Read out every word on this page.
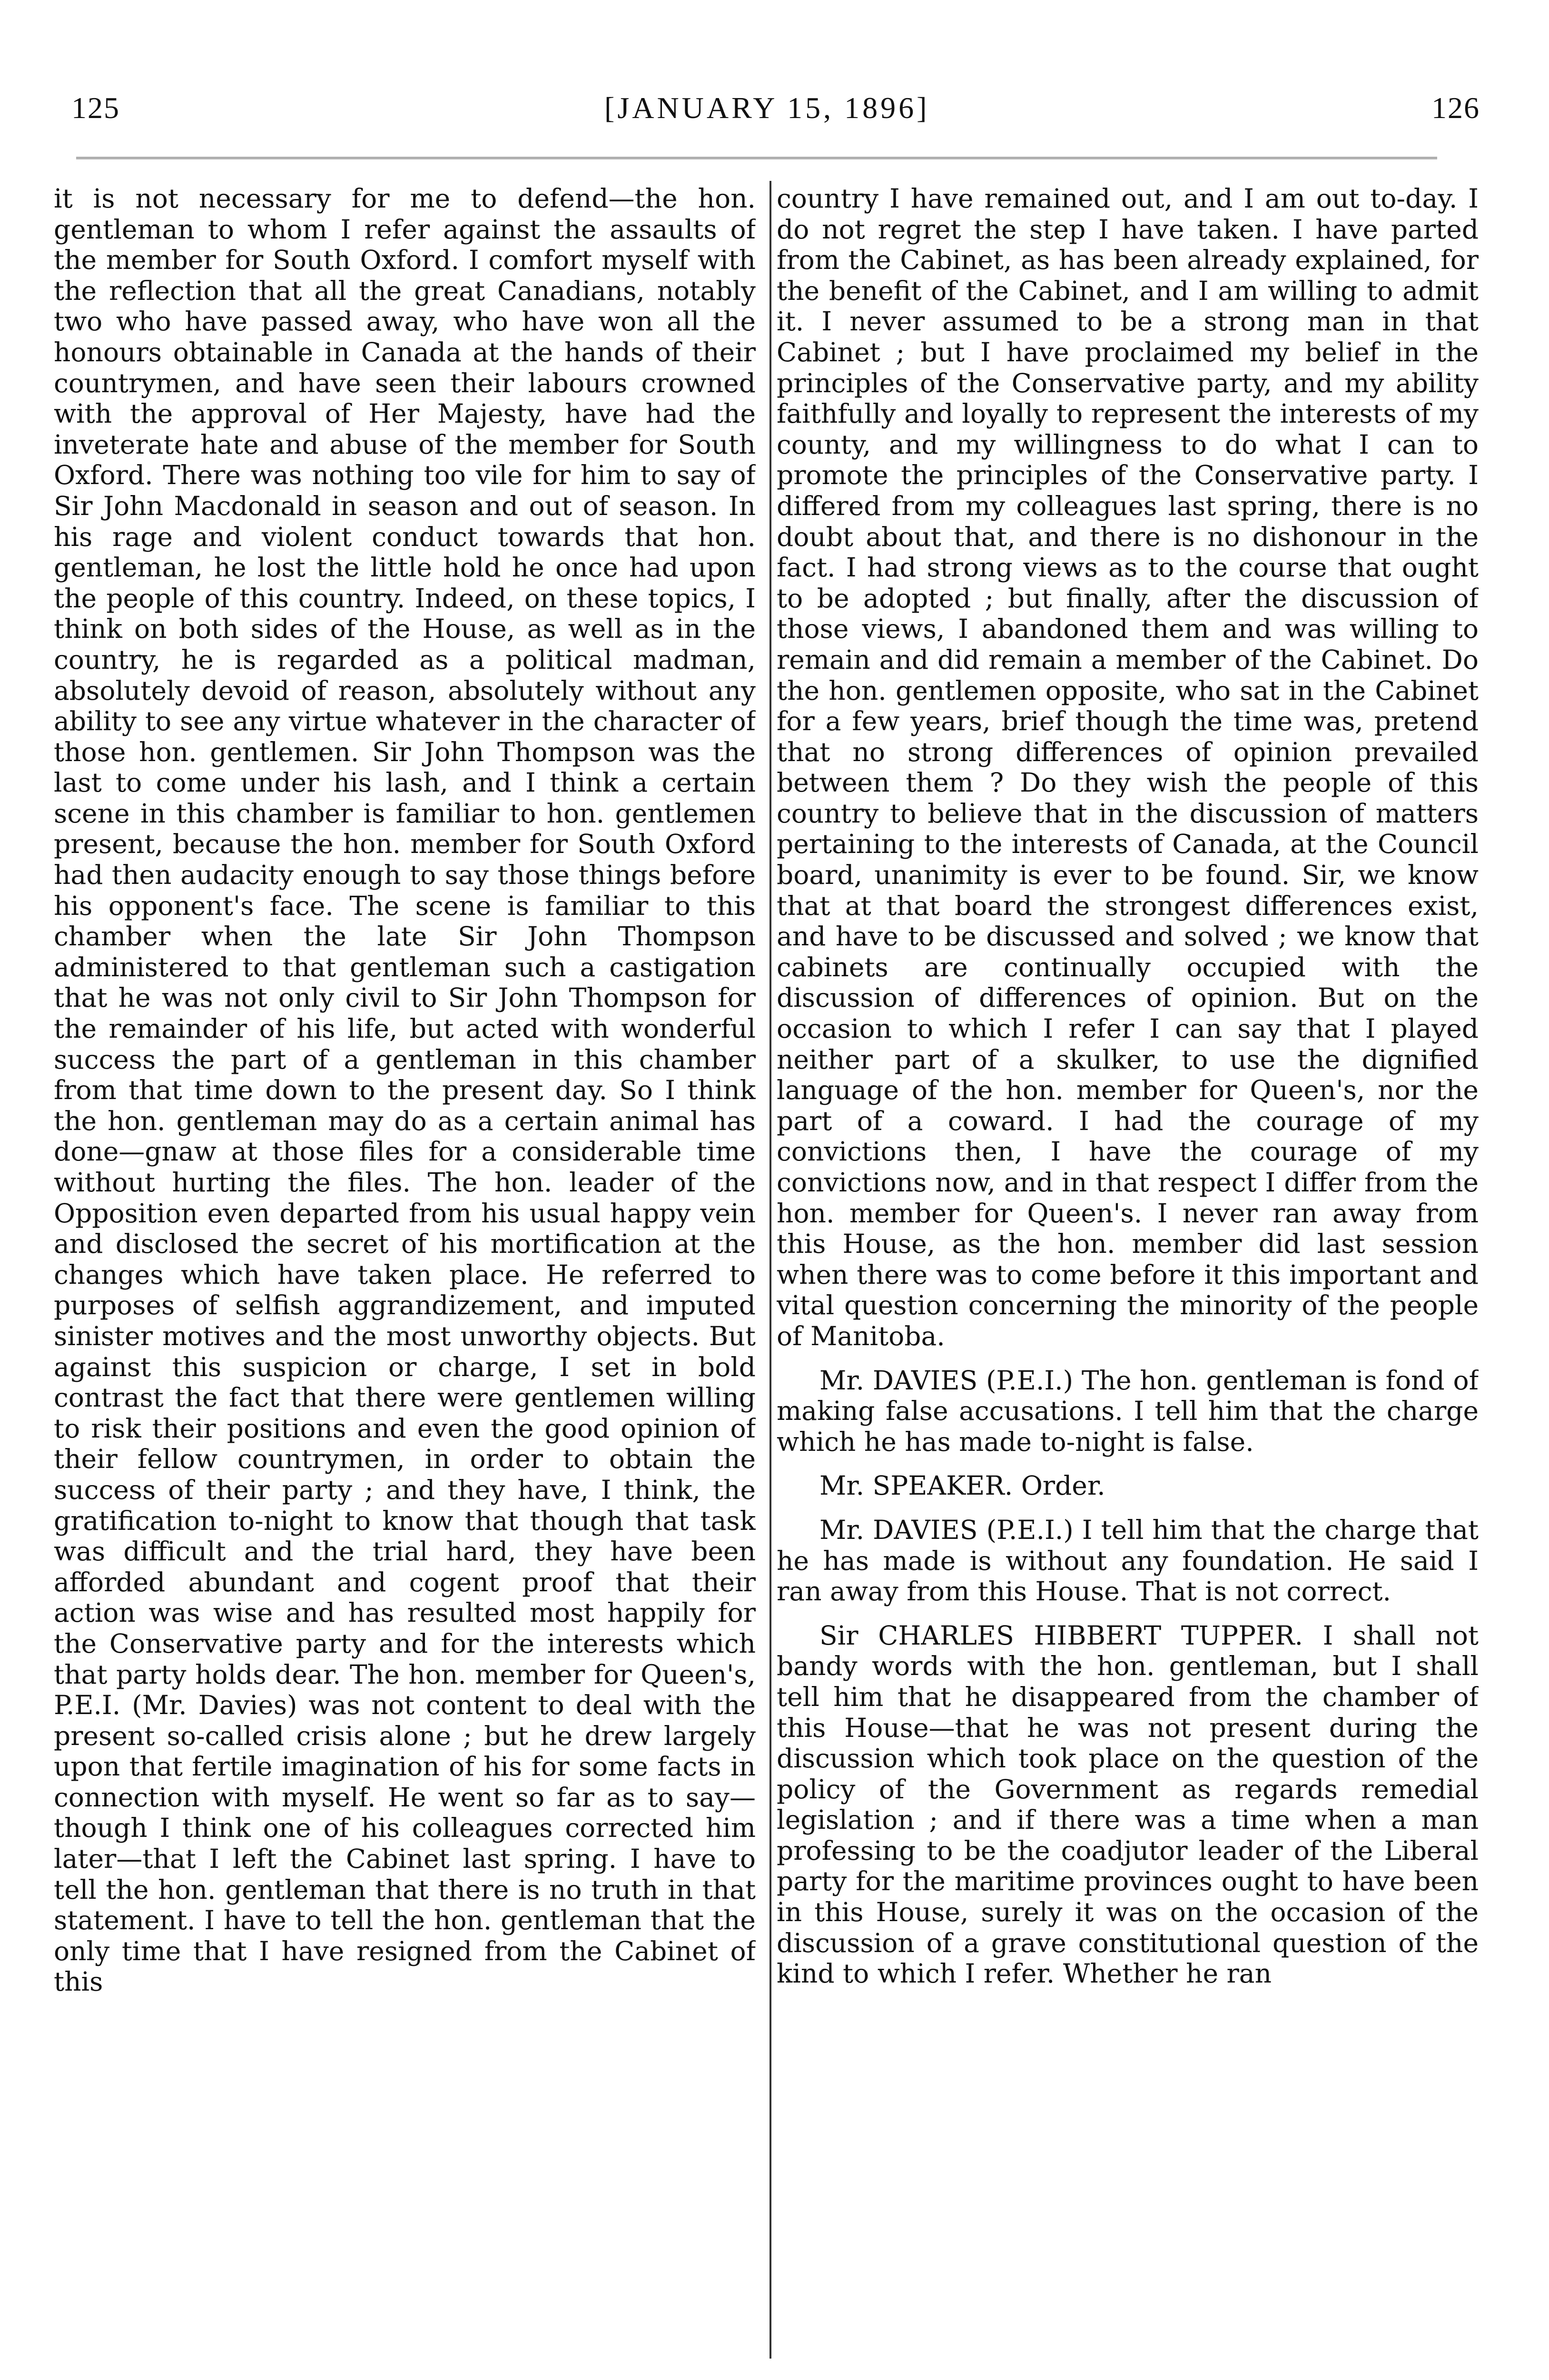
125	[JANUARY 15, 1896]	126

it is not necessary for me to defend—the hon. gentleman to whom I refer against the assaults of the member for South Oxford. I comfort myself with the reflection that all the great Canadians, notably two who have passed away, who have won all the honours obtainable in Canada at the hands of their countrymen, and have seen their labours crowned with the approval of Her Majesty, have had the inveterate hate and abuse of the member for South Oxford. There was nothing too vile for him to say of Sir John Macdonald in season and out of season. In his rage and violent conduct towards that hon. gentleman, he lost the little hold he once had upon the people of this country. Indeed, on these topics, I think on both sides of the House, as well as in the country, he is regarded as a political madman, absolutely devoid of reason, absolutely without any ability to see any virtue whatever in the character of those hon. gentlemen. Sir John Thompson was the last to come under his lash, and I think a certain scene in this chamber is familiar to hon. gentlemen present, because the hon. member for South Oxford had then audacity enough to say those things before his opponent's face. The scene is familiar to this chamber when the late Sir John Thompson administered to that gentleman such a castigation that he was not only civil to Sir John Thompson for the remainder of his life, but acted with wonderful success the part of a gentleman in this chamber from that time down to the present day. So I think the hon. gentleman may do as a certain animal has done—gnaw at those files for a considerable time without hurting the files. The hon. leader of the Opposition even departed from his usual happy vein and disclosed the secret of his mortification at the changes which have taken place. He referred to purposes of selfish aggrandizement, and imputed sinister motives and the most unworthy objects. But against this suspicion or charge, I set in bold contrast the fact that there were gentlemen willing to risk their positions and even the good opinion of their fellow countrymen, in order to obtain the success of their party ; and they have, I think, the gratification to-night to know that though that task was difficult and the trial hard, they have been afforded abundant and cogent proof that their action was wise and has resulted most happily for the Conservative party and for the interests which that party holds dear. The hon. member for Queen's, P.E.I. (Mr. Davies) was not content to deal with the present so-called crisis alone ; but he drew largely upon that fertile imagination of his for some facts in connection with myself. He went so far as to say—though I think one of his colleagues corrected him later—that I left the Cabinet last spring. I have to tell the hon. gentleman that there is no truth in that statement. I have to tell the hon. gentleman that the only time that I have resigned from the Cabinet of this

country I have remained out, and I am out to-day. I do not regret the step I have taken. I have parted from the Cabinet, as has been already explained, for the benefit of the Cabinet, and I am willing to admit it. I never assumed to be a strong man in that Cabinet ; but I have proclaimed my belief in the principles of the Conservative party, and my ability faithfully and loyally to represent the interests of my county, and my willingness to do what I can to promote the principles of the Conservative party. I differed from my colleagues last spring, there is no doubt about that, and there is no dishonour in the fact. I had strong views as to the course that ought to be adopted ; but finally, after the discussion of those views, I abandoned them and was willing to remain and did remain a member of the Cabinet. Do the hon. gentlemen opposite, who sat in the Cabinet for a few years, brief though the time was, pretend that no strong differences of opinion prevailed between them ? Do they wish the people of this country to believe that in the discussion of matters pertaining to the interests of Canada, at the Council board, unanimity is ever to be found. Sir, we know that at that board the strongest differences exist, and have to be discussed and solved ; we know that cabinets are continually occupied with the discussion of differences of opinion. But on the occasion to which I refer I can say that I played neither part of a skulker, to use the dignified language of the hon. member for Queen's, nor the part of a coward. I had the courage of my convictions then, I have the courage of my convictions now, and in that respect I differ from the hon. member for Queen's. I never ran away from this House, as the hon. member did last session when there was to come before it this important and vital question concerning the minority of the people of Manitoba.

Mr. DAVIES (P.E.I.) The hon. gentleman is fond of making false accusations. I tell him that the charge which he has made to-night is false.

Mr. SPEAKER. Order.

Mr. DAVIES (P.E.I.) I tell him that the charge that he has made is without any foundation. He said I ran away from this House. That is not correct.

Sir CHARLES HIBBERT TUPPER. I shall not bandy words with the hon. gentleman, but I shall tell him that he disappeared from the chamber of this House—that he was not present during the discussion which took place on the question of the policy of the Government as regards remedial legislation ; and if there was a time when a man professing to be the coadjutor leader of the Liberal party for the maritime provinces ought to have been in this House, surely it was on the occasion of the discussion of a grave constitutional question of the kind to which I refer. Whether he ran
